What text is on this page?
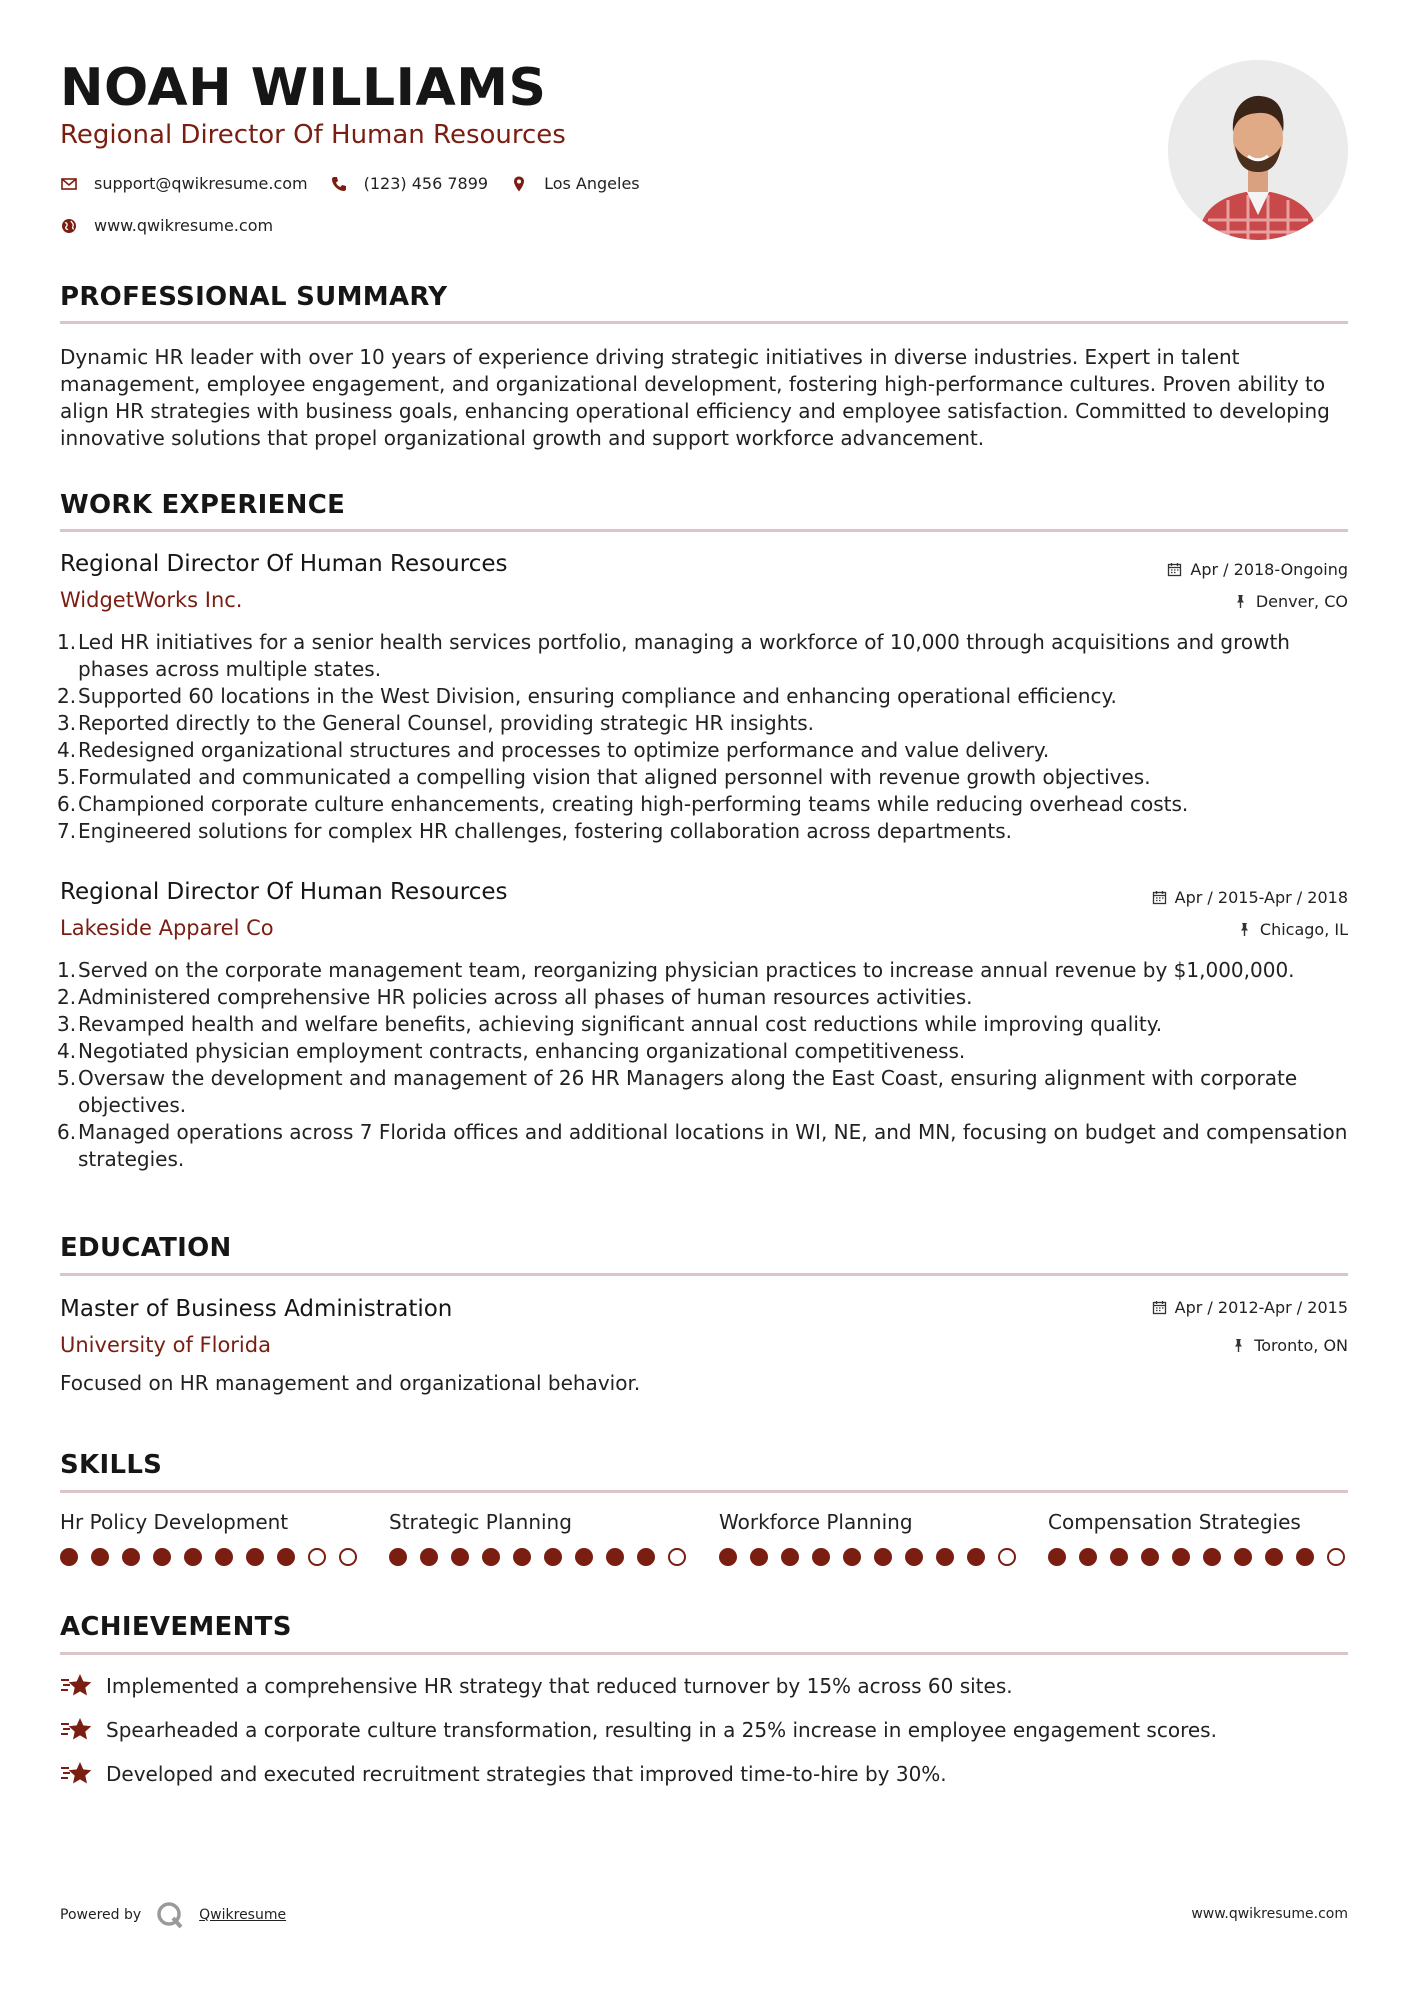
NOAH WILLIAMS
Regional Director Of Human Resources
support@qwikresume.com	(123) 456 7899	Los Angeles
www.qwikresume.com
PROFESSIONAL SUMMARY
Dynamic HR leader with over 10 years of experience driving strategic initiatives in diverse industries. Expert in talent management, employee engagement, and organizational development, fostering high-performance cultures. Proven ability to align HR strategies with business goals, enhancing operational efficiency and employee satisfaction. Committed to developing innovative solutions that propel organizational growth and support workforce advancement.
WORK EXPERIENCE
Regional Director Of Human Resources	Apr / 2018-Ongoing
WidgetWorks Inc.	Denver, CO
1. Led HR initiatives for a senior health services portfolio, managing a workforce of 10,000 through acquisitions and growth phases across multiple states.
2. Supported 60 locations in the West Division, ensuring compliance and enhancing operational efficiency.
3. Reported directly to the General Counsel, providing strategic HR insights.
4. Redesigned organizational structures and processes to optimize performance and value delivery.
5. Formulated and communicated a compelling vision that aligned personnel with revenue growth objectives.
6. Championed corporate culture enhancements, creating high-performing teams while reducing overhead costs.
7. Engineered solutions for complex HR challenges, fostering collaboration across departments.
Regional Director Of Human Resources	Apr / 2015-Apr / 2018
Lakeside Apparel Co	Chicago, IL
1. Served on the corporate management team, reorganizing physician practices to increase annual revenue by $1,000,000.
2. Administered comprehensive HR policies across all phases of human resources activities.
3. Revamped health and welfare benefits, achieving significant annual cost reductions while improving quality.
4. Negotiated physician employment contracts, enhancing organizational competitiveness.
5. Oversaw the development and management of 26 HR Managers along the East Coast, ensuring alignment with corporate objectives.
6. Managed operations across 7 Florida offices and additional locations in WI, NE, and MN, focusing on budget and compensation strategies.
EDUCATION
Master of Business Administration	Apr / 2012-Apr / 2015
University of Florida	Toronto, ON
Focused on HR management and organizational behavior.
SKILLS
Hr Policy Development	Strategic Planning	Workforce Planning	Compensation Strategies
ACHIEVEMENTS
Implemented a comprehensive HR strategy that reduced turnover by 15% across 60 sites.
Spearheaded a corporate culture transformation, resulting in a 25% increase in employee engagement scores.
Developed and executed recruitment strategies that improved time-to-hire by 30%.
Powered by	Qwikresume	www.qwikresume.com
